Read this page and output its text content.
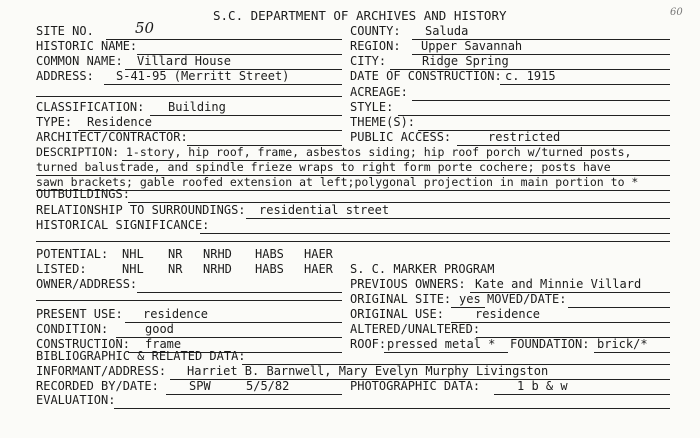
60
S.C. DEPARTMENT OF ARCHIVES AND HISTORY
SITE NO.	50	COUNTY: Saluda
HISTORIC NAME:	REGION: Upper Savannah
COMMON NAME: Villard House	CITY:	Ridge Spring
ADDRESS: S-41-95 (Merritt Street)	DATE OF CONSTRUCTION: c. 1915
ACREAGE:
CLASSIFICATION: Building	STYLE:
TYPE: Residence	THEME(S):
ARCHITECT/CONTRACTOR:	PUBLIC ACCESS:	restricted
DESCRIPTION: 1-story, hip roof, frame, asbestos siding; hip roof porch w/turned posts,
turned balustrade, and spindle frieze wraps to right form porte cochere; posts have
sawn brackets; gable roofed extension at left;polygonal projection in main portion to *
OUTBUILDINGS:
RELATIONSHIP TO SURROUNDINGS: residential street
HISTORICAL SIGNIFICANCE:
POTENTIAL: NHL NR NRHD HABS HAER
LISTED:	NHL NR NRHD HABS HAER S. C. MARKER PROGRAM
OWNER/ADDRESS:	PREVIOUS OWNERS: Kate and Minnie Villard
ORIGINAL SITE: yes MOVED/DATE:
PRESENT USE: residence	ORIGINAL USE:	residence
CONDITION:	good	ALTERED/UNALTERED:
CONSTRUCTION: frame	ROOF: pressed metal * FOUNDATION: brick/*
BIBLIOGRAPHIC & RELATED DATA:
INFORMANT/ADDRESS: Harriet B. Barnwell, Mary Evelyn Murphy Livingston
RECORDED BY/DATE:	SPW	5/5/82	PHOTOGRAPHIC DATA:	1 b & w
EVALUATION:
